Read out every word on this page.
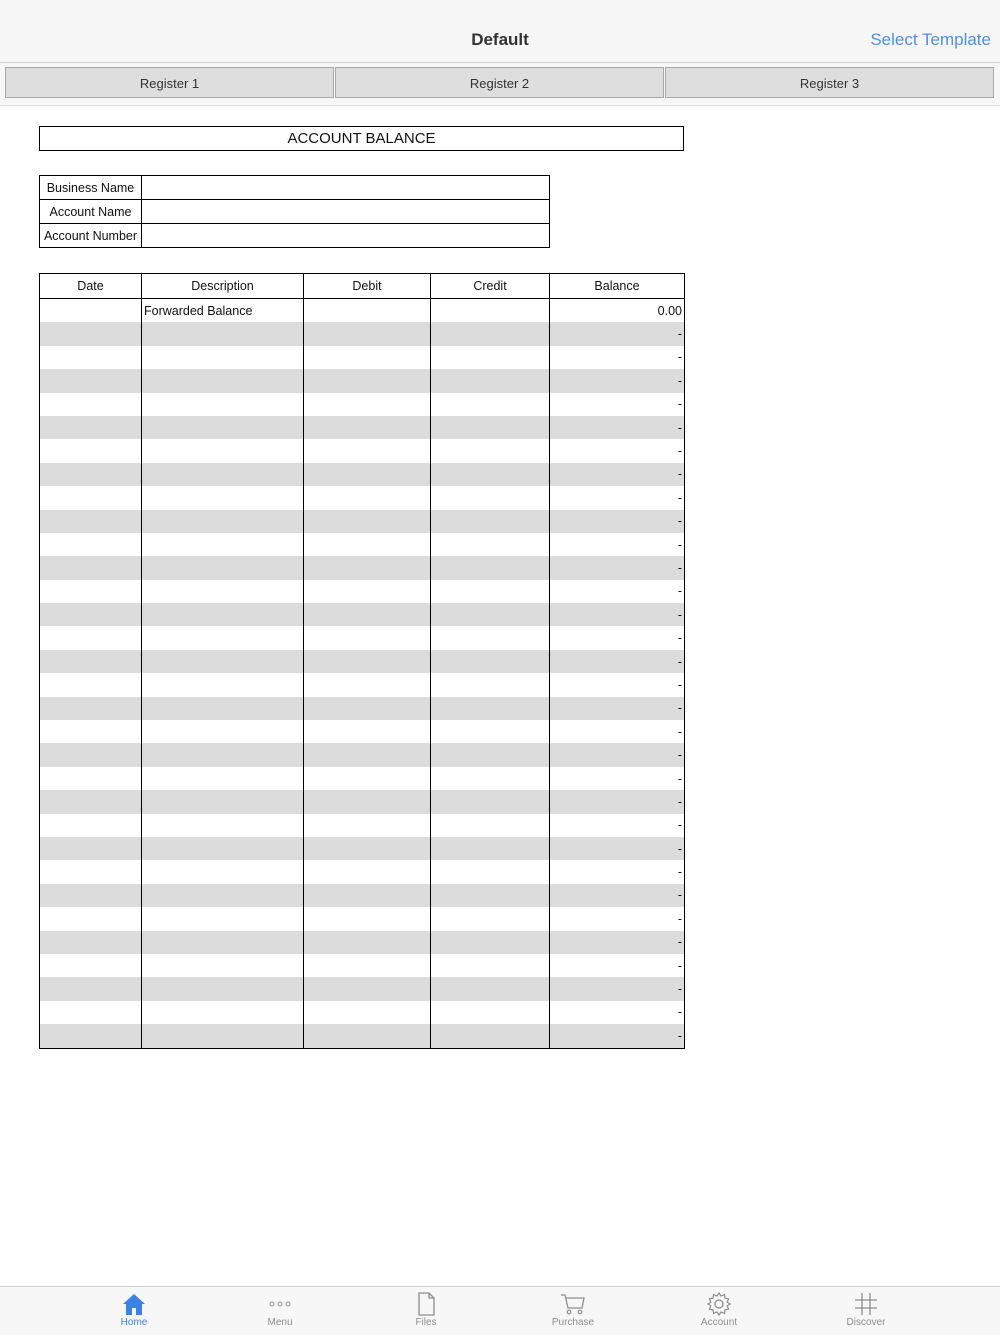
Default	Select Template
Register 1	Register 2	Register 3
ACCOUNT BALANCE
Business Name	
Account Name	
Account Number	
Date	Description	Debit	Credit	Balance
	Forwarded Balance			0.00
				-
				-
				-
				-
				-
				-
				-
				-
				-
				-
				-
				-
				-
				-
				-
				-
				-
				-
				-
				-
				-
				-
				-
				-
				-
				-
				-
				-
				-
				-
				-
Home	Menu	Files	Purchase	Account	Discover
